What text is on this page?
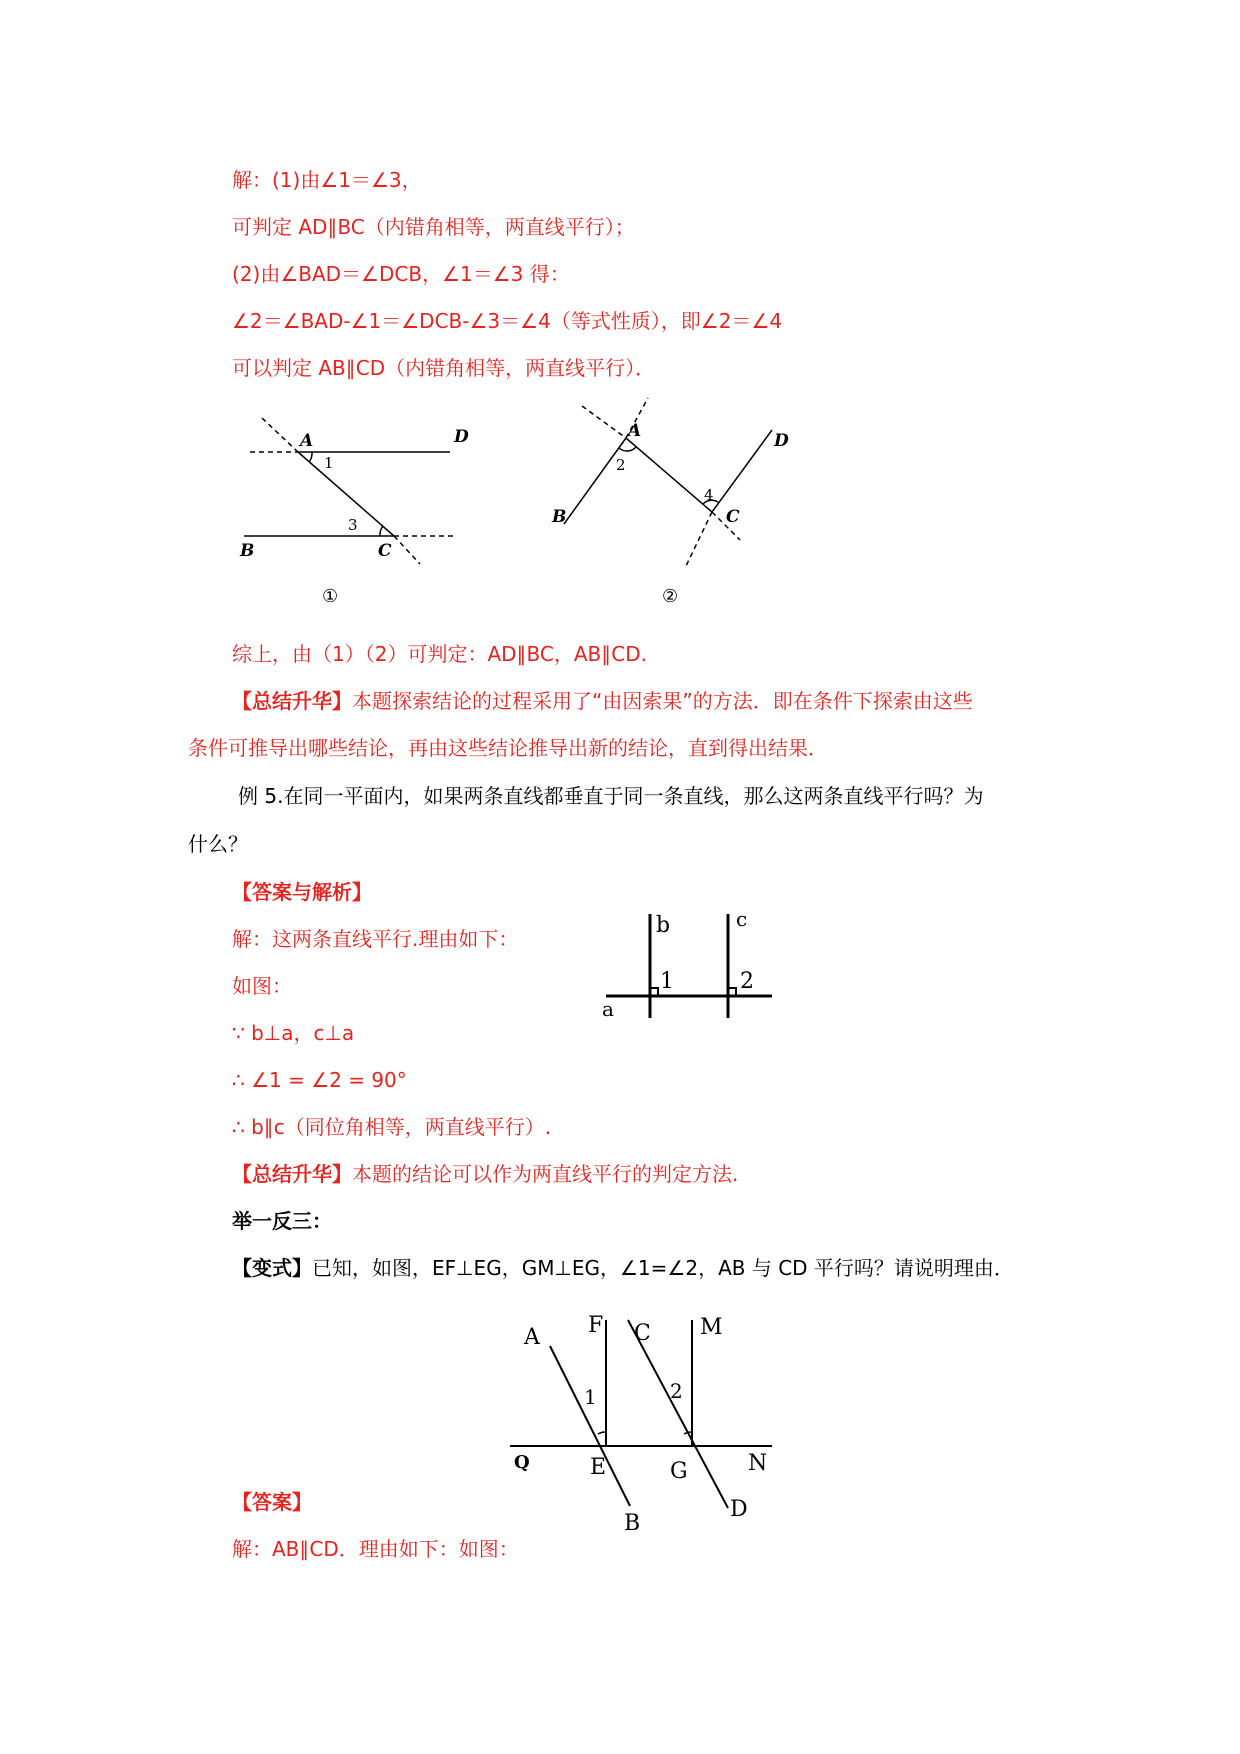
解：(1)由∠1＝∠3，
可判定 AD∥BC（内错角相等，两直线平行）；
(2)由∠BAD＝∠DCB，∠1＝∠3 得：
∠2＝∠BAD-∠1＝∠DCB-∠3＝∠4（等式性质），即∠2＝∠4
可以判定 AB∥CD（内错角相等，两直线平行）．
A	D
1
3
B	C
①
A
2
B
4
C
D
②
综上，由（1）（2）可判定：AD∥BC，AB∥CD.
【总结升华】本题探索结论的过程采用了“由因索果”的方法．即在条件下探索由这些
条件可推导出哪些结论，再由这些结论推导出新的结论，直到得出结果．
例 5.在同一平面内，如果两条直线都垂直于同一条直线，那么这两条直线平行吗？为
什么？
【答案与解析】
解：这两条直线平行.理由如下：
如图：
∵ b⊥a，c⊥a
∴ ∠1 = ∠2 = 90°
∴ b∥c（同位角相等，两直线平行）.
【总结升华】本题的结论可以作为两直线平行的判定方法.
b	c
1	2
a
举一反三：
【变式】已知，如图，EF⊥EG，GM⊥EG，∠1=∠2，AB 与 CD 平行吗？请说明理由．
【答案】
解：AB∥CD．理由如下：如图：
A F C M
1	2
E	G	N
B
D
Q
